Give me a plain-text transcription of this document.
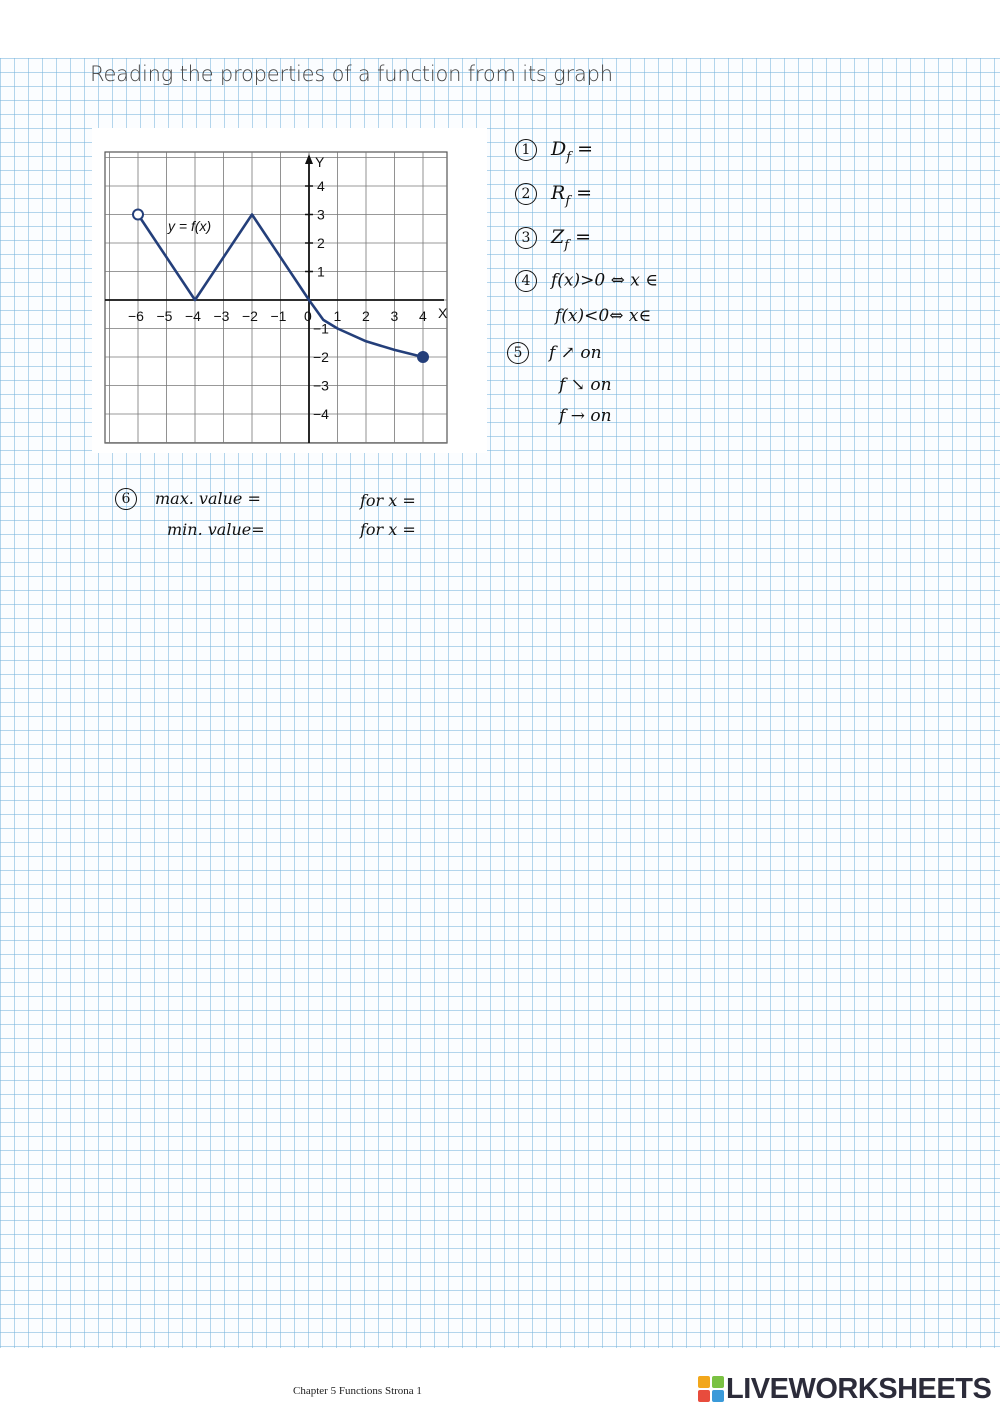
Reading the properties of a function from its graph
−6 −5 −4 −3 −2 −1 0 1 2 3 4
1
2
3
4
−1
−2
−3
−4
y = f(x)
X
Y
1 $D_f$ =
2 $R_f$ =
3 $Z_f$ =
4 f(x)>0 ⇔ x ∈
f(x)<0⇔ x∈
5 f ↗ on
f ↘ on
f → on
6 max. value =	for x =
min. value=	for x =
Chapter 5 Functions Strona 1	LIVEWORKSHEETS
